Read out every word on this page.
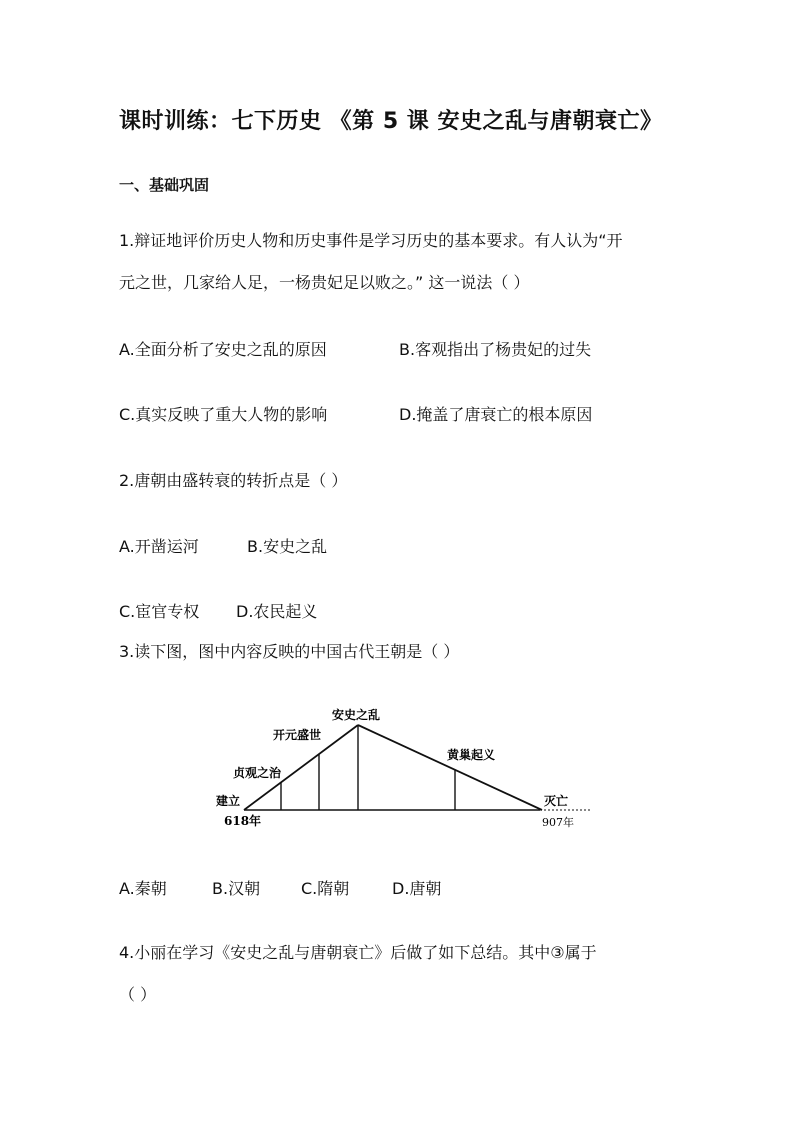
课时训练：七下历史 《第 5 课 安史之乱与唐朝衰亡》
一、基础巩固
1.辩证地评价历史人物和历史事件是学习历史的基本要求。有人认为“开
元之世，几家给人足，一杨贵妃足以败之。” 这一说法（ ）
A.全面分析了安史之乱的原因	B.客观指出了杨贵妃的过失
C.真实反映了重大人物的影响	D.掩盖了唐衰亡的根本原因
2.唐朝由盛转衰的转折点是（ ）
A.开凿运河	B.安史之乱
C.宦官专权 D.农民起义
3.读下图，图中内容反映的中国古代王朝是（ ）
安史之乱
开元盛世
贞观之治
黄巢起义
建立	灭亡
618年	907年
A.秦朝	B.汉朝	C.隋朝	D.唐朝
4.小丽在学习《安史之乱与唐朝衰亡》后做了如下总结。其中③属于
（ ）
